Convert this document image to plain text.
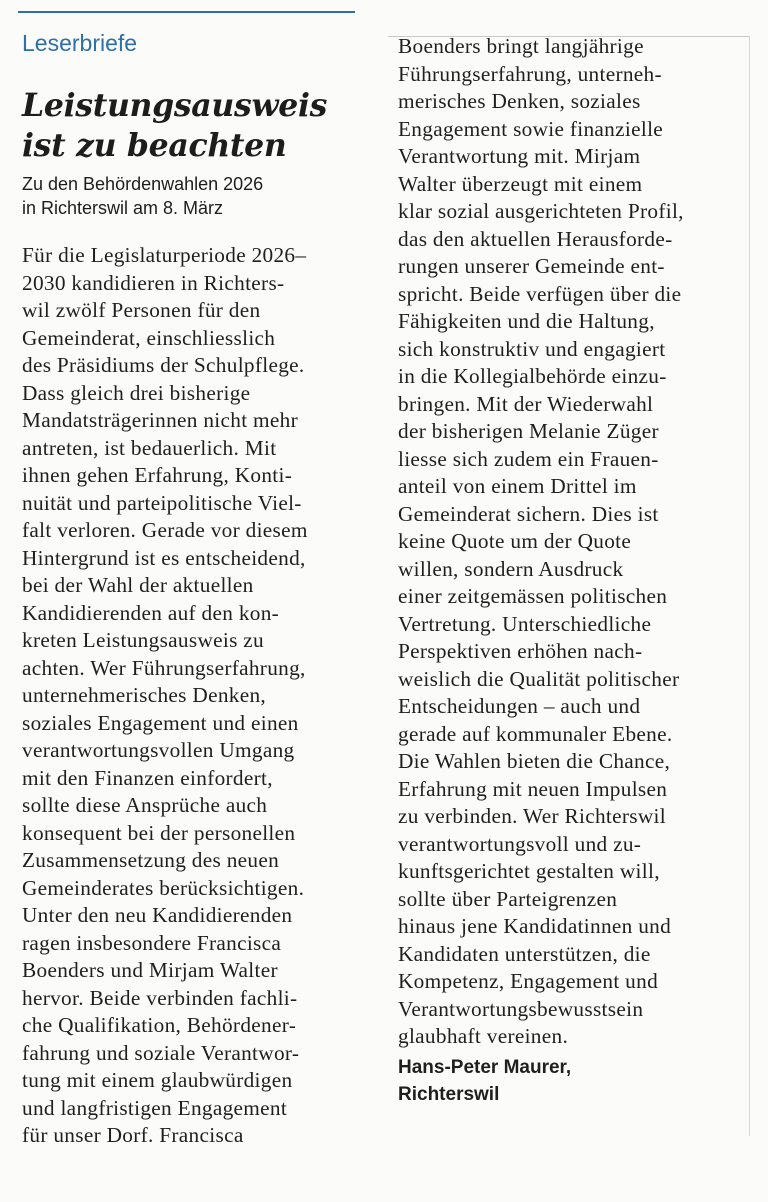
Leserbriefe
Leistungsausweis
ist zu beachten
Zu den Behördenwahlen 2026
in Richterswil am 8. März
Für die Legislaturperiode 2026–
2030 kandidieren in Richters-
wil zwölf Personen für den
Gemeinderat, einschliesslich
des Präsidiums der Schulpflege.
Dass gleich drei bisherige
Mandatsträgerinnen nicht mehr
antreten, ist bedauerlich. Mit
ihnen gehen Erfahrung, Konti-
nuität und parteipolitische Viel-
falt verloren. Gerade vor diesem
Hintergrund ist es entscheidend,
bei der Wahl der aktuellen
Kandidierenden auf den kon-
kreten Leistungsausweis zu
achten. Wer Führungserfahrung,
unternehmerisches Denken,
soziales Engagement und einen
verantwortungsvollen Umgang
mit den Finanzen einfordert,
sollte diese Ansprüche auch
konsequent bei der personellen
Zusammensetzung des neuen
Gemeinderates berücksichtigen.
Unter den neu Kandidierenden
ragen insbesondere Francisca
Boenders und Mirjam Walter
hervor. Beide verbinden fachli-
che Qualifikation, Behördener-
fahrung und soziale Verantwor-
tung mit einem glaubwürdigen
und langfristigen Engagement
für unser Dorf. Francisca
Boenders bringt langjährige
Führungserfahrung, unterneh-
merisches Denken, soziales
Engagement sowie finanzielle
Verantwortung mit. Mirjam
Walter überzeugt mit einem
klar sozial ausgerichteten Profil,
das den aktuellen Herausforde-
rungen unserer Gemeinde ent-
spricht. Beide verfügen über die
Fähigkeiten und die Haltung,
sich konstruktiv und engagiert
in die Kollegialbehörde einzu-
bringen. Mit der Wiederwahl
der bisherigen Melanie Züger
liesse sich zudem ein Frauen-
anteil von einem Drittel im
Gemeinderat sichern. Dies ist
keine Quote um der Quote
willen, sondern Ausdruck
einer zeitgemässen politischen
Vertretung. Unterschiedliche
Perspektiven erhöhen nach-
weislich die Qualität politischer
Entscheidungen – auch und
gerade auf kommunaler Ebene.
Die Wahlen bieten die Chance,
Erfahrung mit neuen Impulsen
zu verbinden. Wer Richterswil
verantwortungsvoll und zu-
kunftsgerichtet gestalten will,
sollte über Parteigrenzen
hinaus jene Kandidatinnen und
Kandidaten unterstützen, die
Kompetenz, Engagement und
Verantwortungsbewusstsein
glaubhaft vereinen.
Hans-Peter Maurer,
Richterswil
